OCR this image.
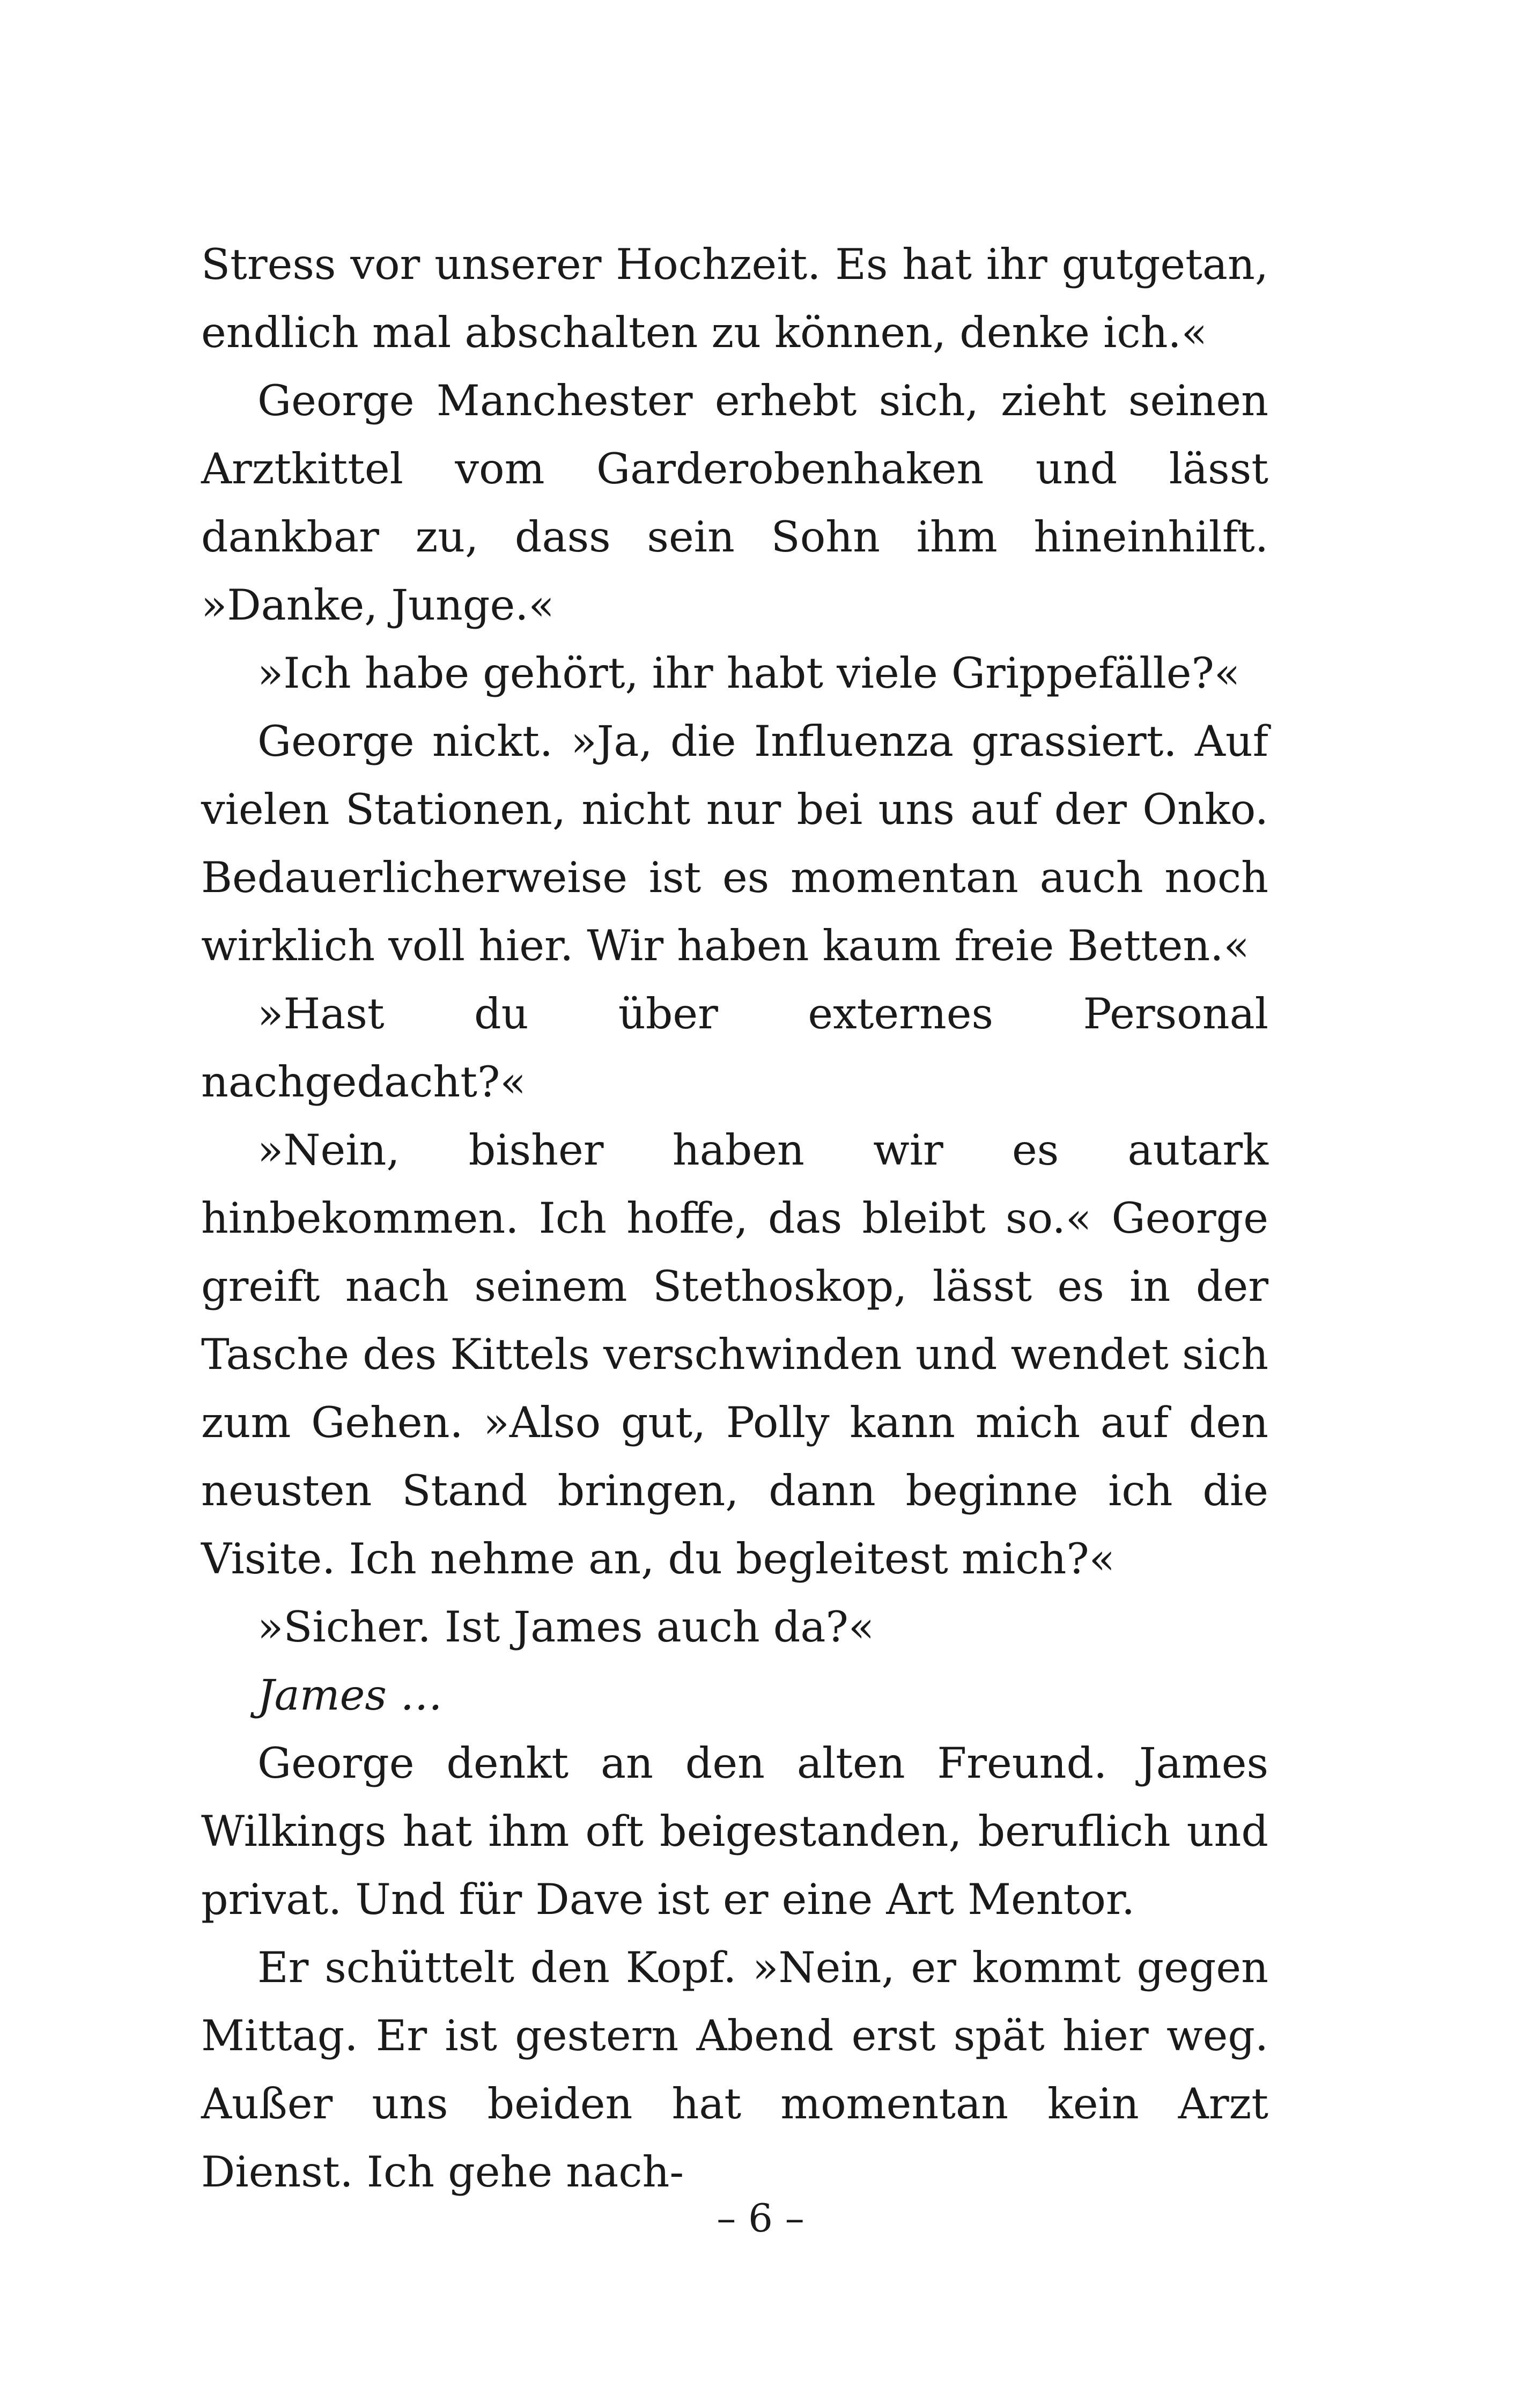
Stress vor unserer Hochzeit. Es hat ihr gutgetan, endlich mal abschalten zu können, denke ich.«

George Manchester erhebt sich, zieht seinen Arztkittel vom Garderobenhaken und lässt dankbar zu, dass sein Sohn ihm hineinhilft. »Danke, Junge.«

»Ich habe gehört, ihr habt viele Grippefälle?«

George nickt. »Ja, die Influenza grassiert. Auf vielen Stationen, nicht nur bei uns auf der Onko. Bedauerlicherweise ist es momentan auch noch wirklich voll hier. Wir haben kaum freie Betten.«

»Hast du über externes Personal nachgedacht?«

»Nein, bisher haben wir es autark hinbekommen. Ich hoffe, das bleibt so.« George greift nach seinem Stethoskop, lässt es in der Tasche des Kittels verschwinden und wendet sich zum Gehen. »Also gut, Polly kann mich auf den neusten Stand bringen, dann beginne ich die Visite. Ich nehme an, du begleitest mich?«

»Sicher. Ist James auch da?«

James …

George denkt an den alten Freund. James Wilkings hat ihm oft beigestanden, beruflich und privat. Und für Dave ist er eine Art Mentor.

Er schüttelt den Kopf. »Nein, er kommt gegen Mittag. Er ist gestern Abend erst spät hier weg. Außer uns beiden hat momentan kein Arzt Dienst. Ich gehe nach-

– 6 –
